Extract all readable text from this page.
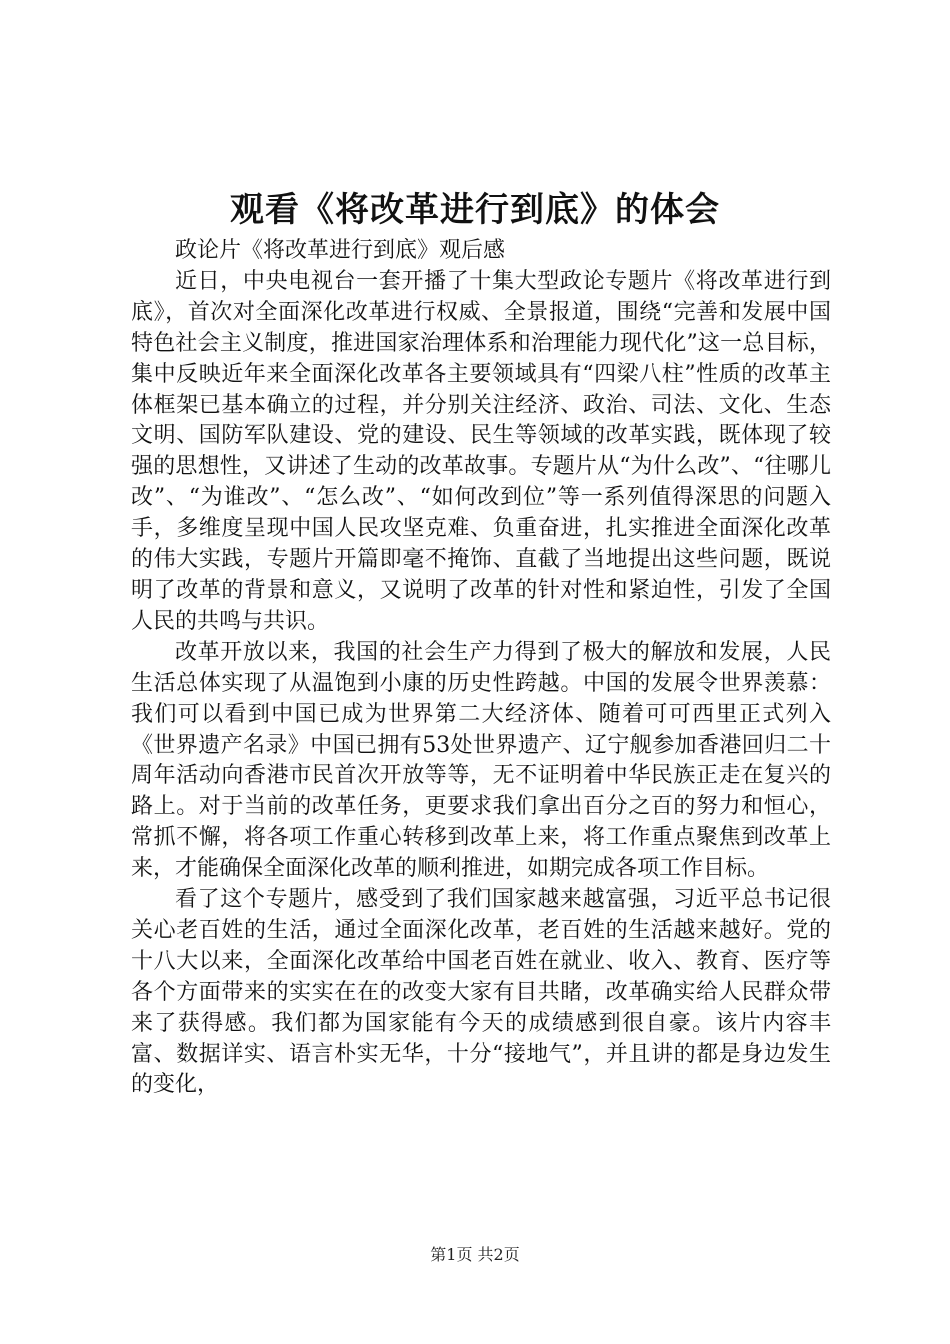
观看《将改革进行到底》的体会

政论片《将改革进行到底》观后感

近日，中央电视台一套开播了十集大型政论专题片《将改革进行到底》，首次对全面深化改革进行权威、全景报道，围绕“完善和发展中国特色社会主义制度，推进国家治理体系和治理能力现代化”这一总目标，集中反映近年来全面深化改革各主要领域具有“四梁八柱”性质的改革主体框架已基本确立的过程，并分别关注经济、政治、司法、文化、生态文明、国防军队建设、党的建设、民生等领域的改革实践，既体现了较强的思想性，又讲述了生动的改革故事。专题片从“为什么改”、“往哪儿改”、“为谁改”、“怎么改”、“如何改到位”等一系列值得深思的问题入手，多维度呈现中国人民攻坚克难、负重奋进，扎实推进全面深化改革的伟大实践，专题片开篇即毫不掩饰、直截了当地提出这些问题，既说明了改革的背景和意义，又说明了改革的针对性和紧迫性，引发了全国人民的共鸣与共识。

改革开放以来，我国的社会生产力得到了极大的解放和发展，人民生活总体实现了从温饱到小康的历史性跨越。中国的发展令世界羡慕：我们可以看到中国已成为世界第二大经济体、随着可可西里正式列入《世界遗产名录》中国已拥有53处世界遗产、辽宁舰参加香港回归二十周年活动向香港市民首次开放等等，无不证明着中华民族正走在复兴的路上。对于当前的改革任务，更要求我们拿出百分之百的努力和恒心，常抓不懈，将各项工作重心转移到改革上来，将工作重点聚焦到改革上来，才能确保全面深化改革的顺利推进，如期完成各项工作目标。

看了这个专题片，感受到了我们国家越来越富强，习近平总书记很关心老百姓的生活，通过全面深化改革，老百姓的生活越来越好。党的十八大以来，全面深化改革给中国老百姓在就业、收入、教育、医疗等各个方面带来的实实在在的改变大家有目共睹，改革确实给人民群众带来了获得感。我们都为国家能有今天的成绩感到很自豪。该片内容丰富、数据详实、语言朴实无华，十分“接地气”，并且讲的都是身边发生的变化，

第1页 共2页
